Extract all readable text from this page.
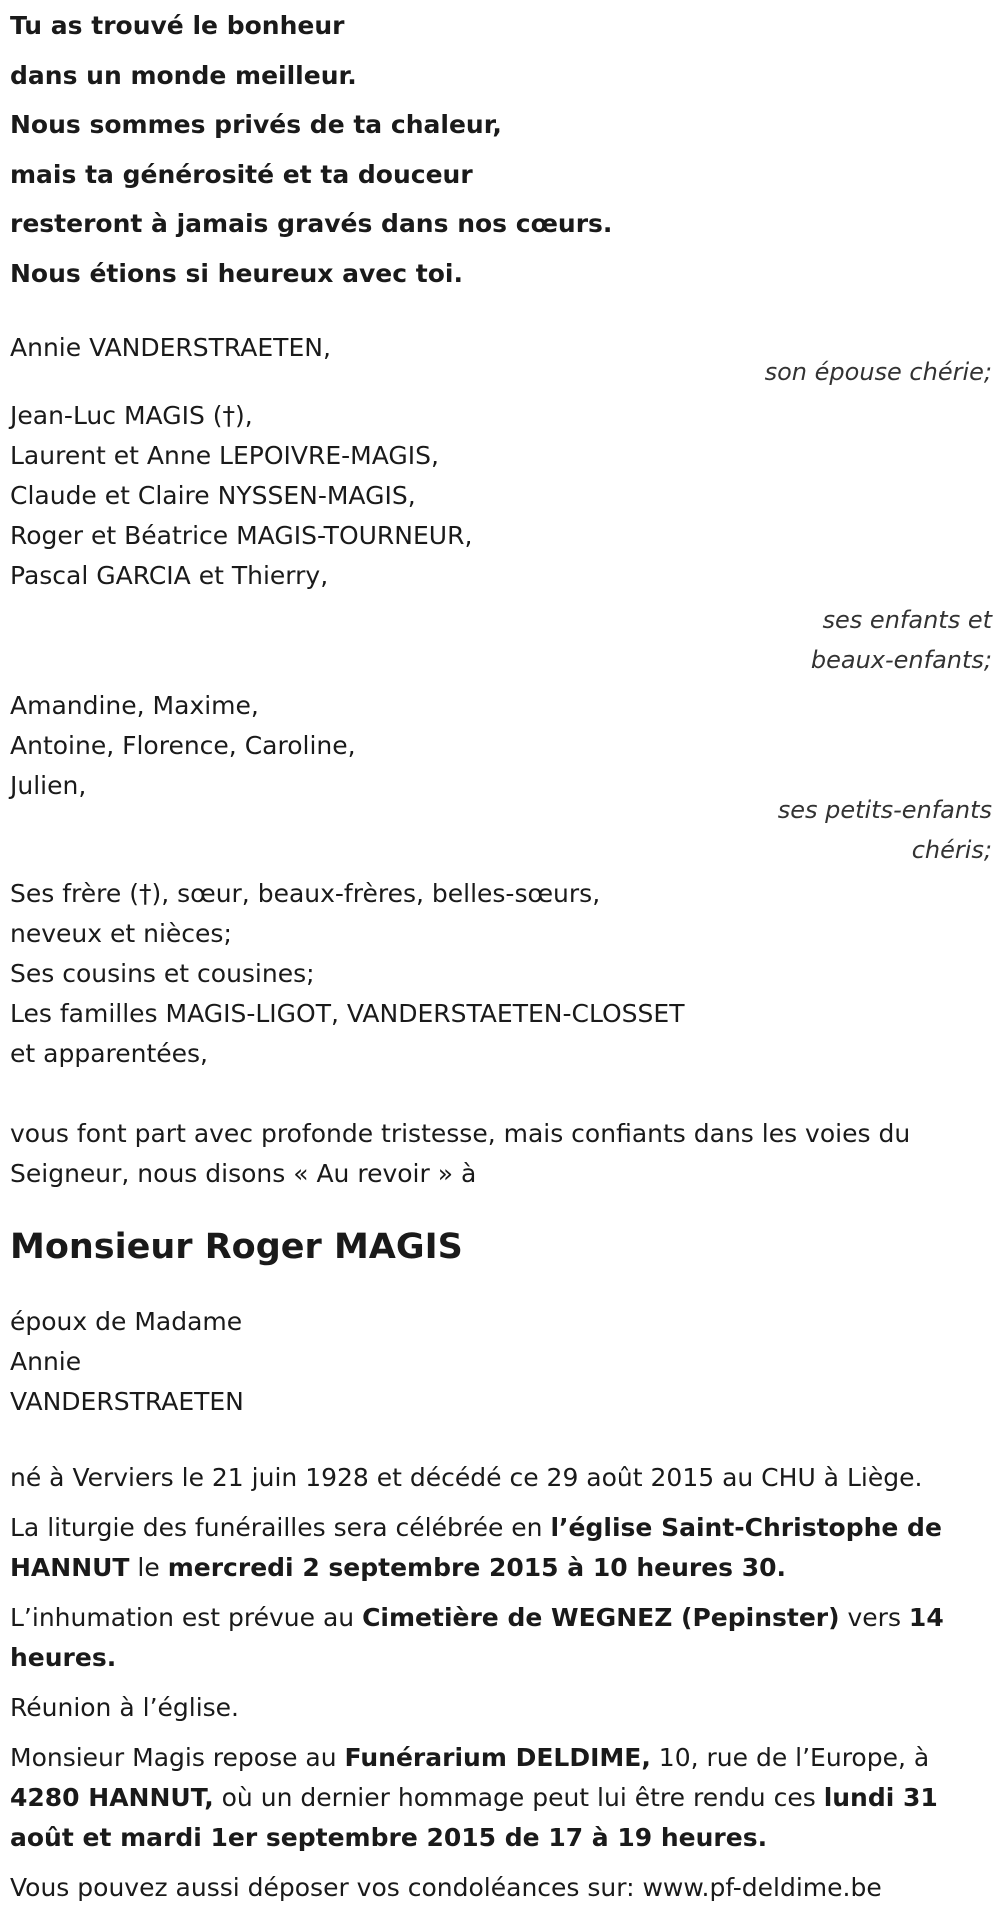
Tu as trouvé le bonheur
dans un monde meilleur.
Nous sommes privés de ta chaleur,
mais ta générosité et ta douceur
resteront à jamais gravés dans nos cœurs.
Nous étions si heureux avec toi.
Annie VANDERSTRAETEN,
son épouse chérie;
Jean-Luc MAGIS (†),
Laurent et Anne LEPOIVRE-MAGIS,
Claude et Claire NYSSEN-MAGIS,
Roger et Béatrice MAGIS-TOURNEUR,
Pascal GARCIA et Thierry,
ses enfants et
beaux-enfants;
Amandine, Maxime,
Antoine, Florence, Caroline,
Julien,
ses petits-enfants
chéris;
Ses frère (†), sœur, beaux-frères, belles-sœurs,
neveux et nièces;
Ses cousins et cousines;
Les familles MAGIS-LIGOT, VANDERSTAETEN-CLOSSET
et apparentées,
vous font part avec profonde tristesse, mais confiants dans les voies du
Seigneur, nous disons « Au revoir » à
Monsieur Roger MAGIS
époux de Madame
Annie
VANDERSTRAETEN
né à Verviers le 21 juin 1928 et décédé ce 29 août 2015 au CHU à Liège.
La liturgie des funérailles sera célébrée en l’église Saint-Christophe de HANNUT le mercredi 2 septembre 2015 à 10 heures 30.
L’inhumation est prévue au Cimetière de WEGNEZ (Pepinster) vers 14 heures.
Réunion à l’église.
Monsieur Magis repose au Funérarium DELDIME, 10, rue de l’Europe, à 4280 HANNUT, où un dernier hommage peut lui être rendu ces lundi 31 août et mardi 1er septembre 2015 de 17 à 19 heures.
Vous pouvez aussi déposer vos condoléances sur: www.pf-deldime.be
